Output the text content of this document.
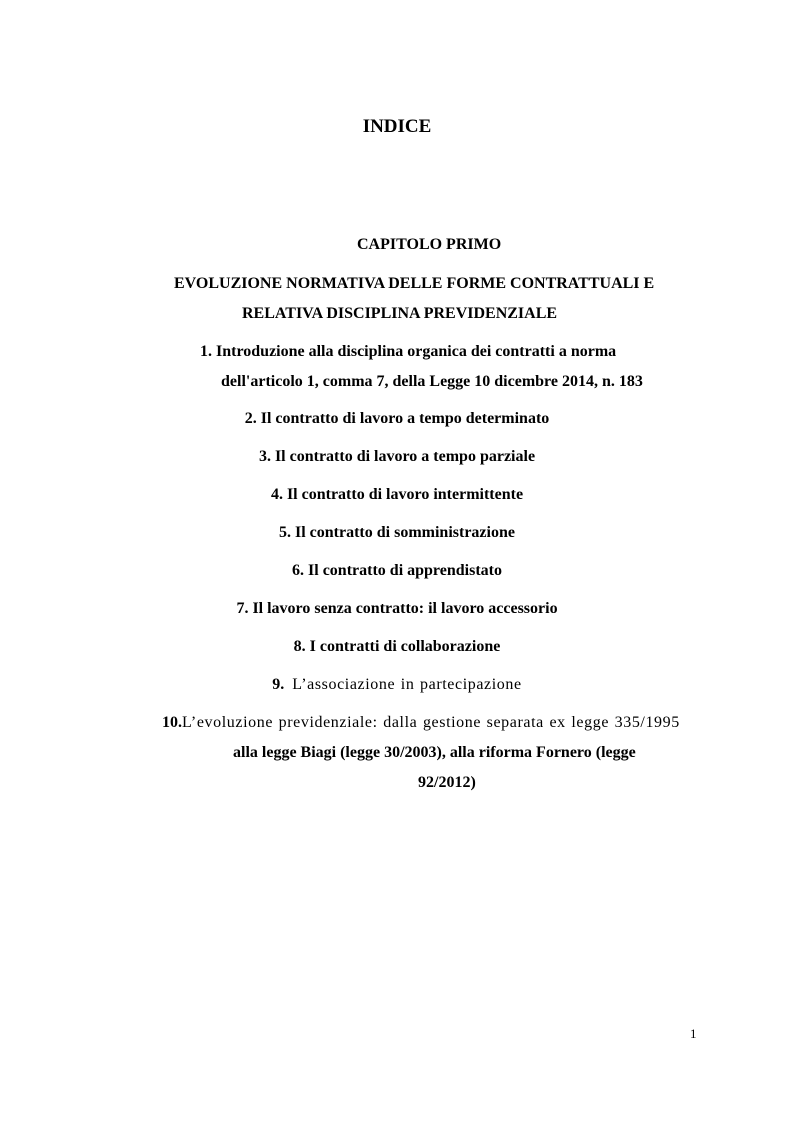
INDICE
CAPITOLO PRIMO
EVOLUZIONE NORMATIVA DELLE FORME CONTRATTUALI E
RELATIVA DISCIPLINA PREVIDENZIALE
1. Introduzione alla disciplina organica dei contratti a norma
dell'articolo 1, comma 7, della Legge 10 dicembre 2014, n. 183
2. Il contratto di lavoro a tempo determinato
3. Il contratto di lavoro a tempo parziale
4. Il contratto di lavoro intermittente
5. Il contratto di somministrazione
6. Il contratto di apprendistato
7. Il lavoro senza contratto: il lavoro accessorio
8. I contratti di collaborazione
9. L’associazione in partecipazione
10.L’evoluzione previdenziale: dalla gestione separata ex legge 335/1995
alla legge Biagi (legge 30/2003), alla riforma Fornero (legge
92/2012)
1
